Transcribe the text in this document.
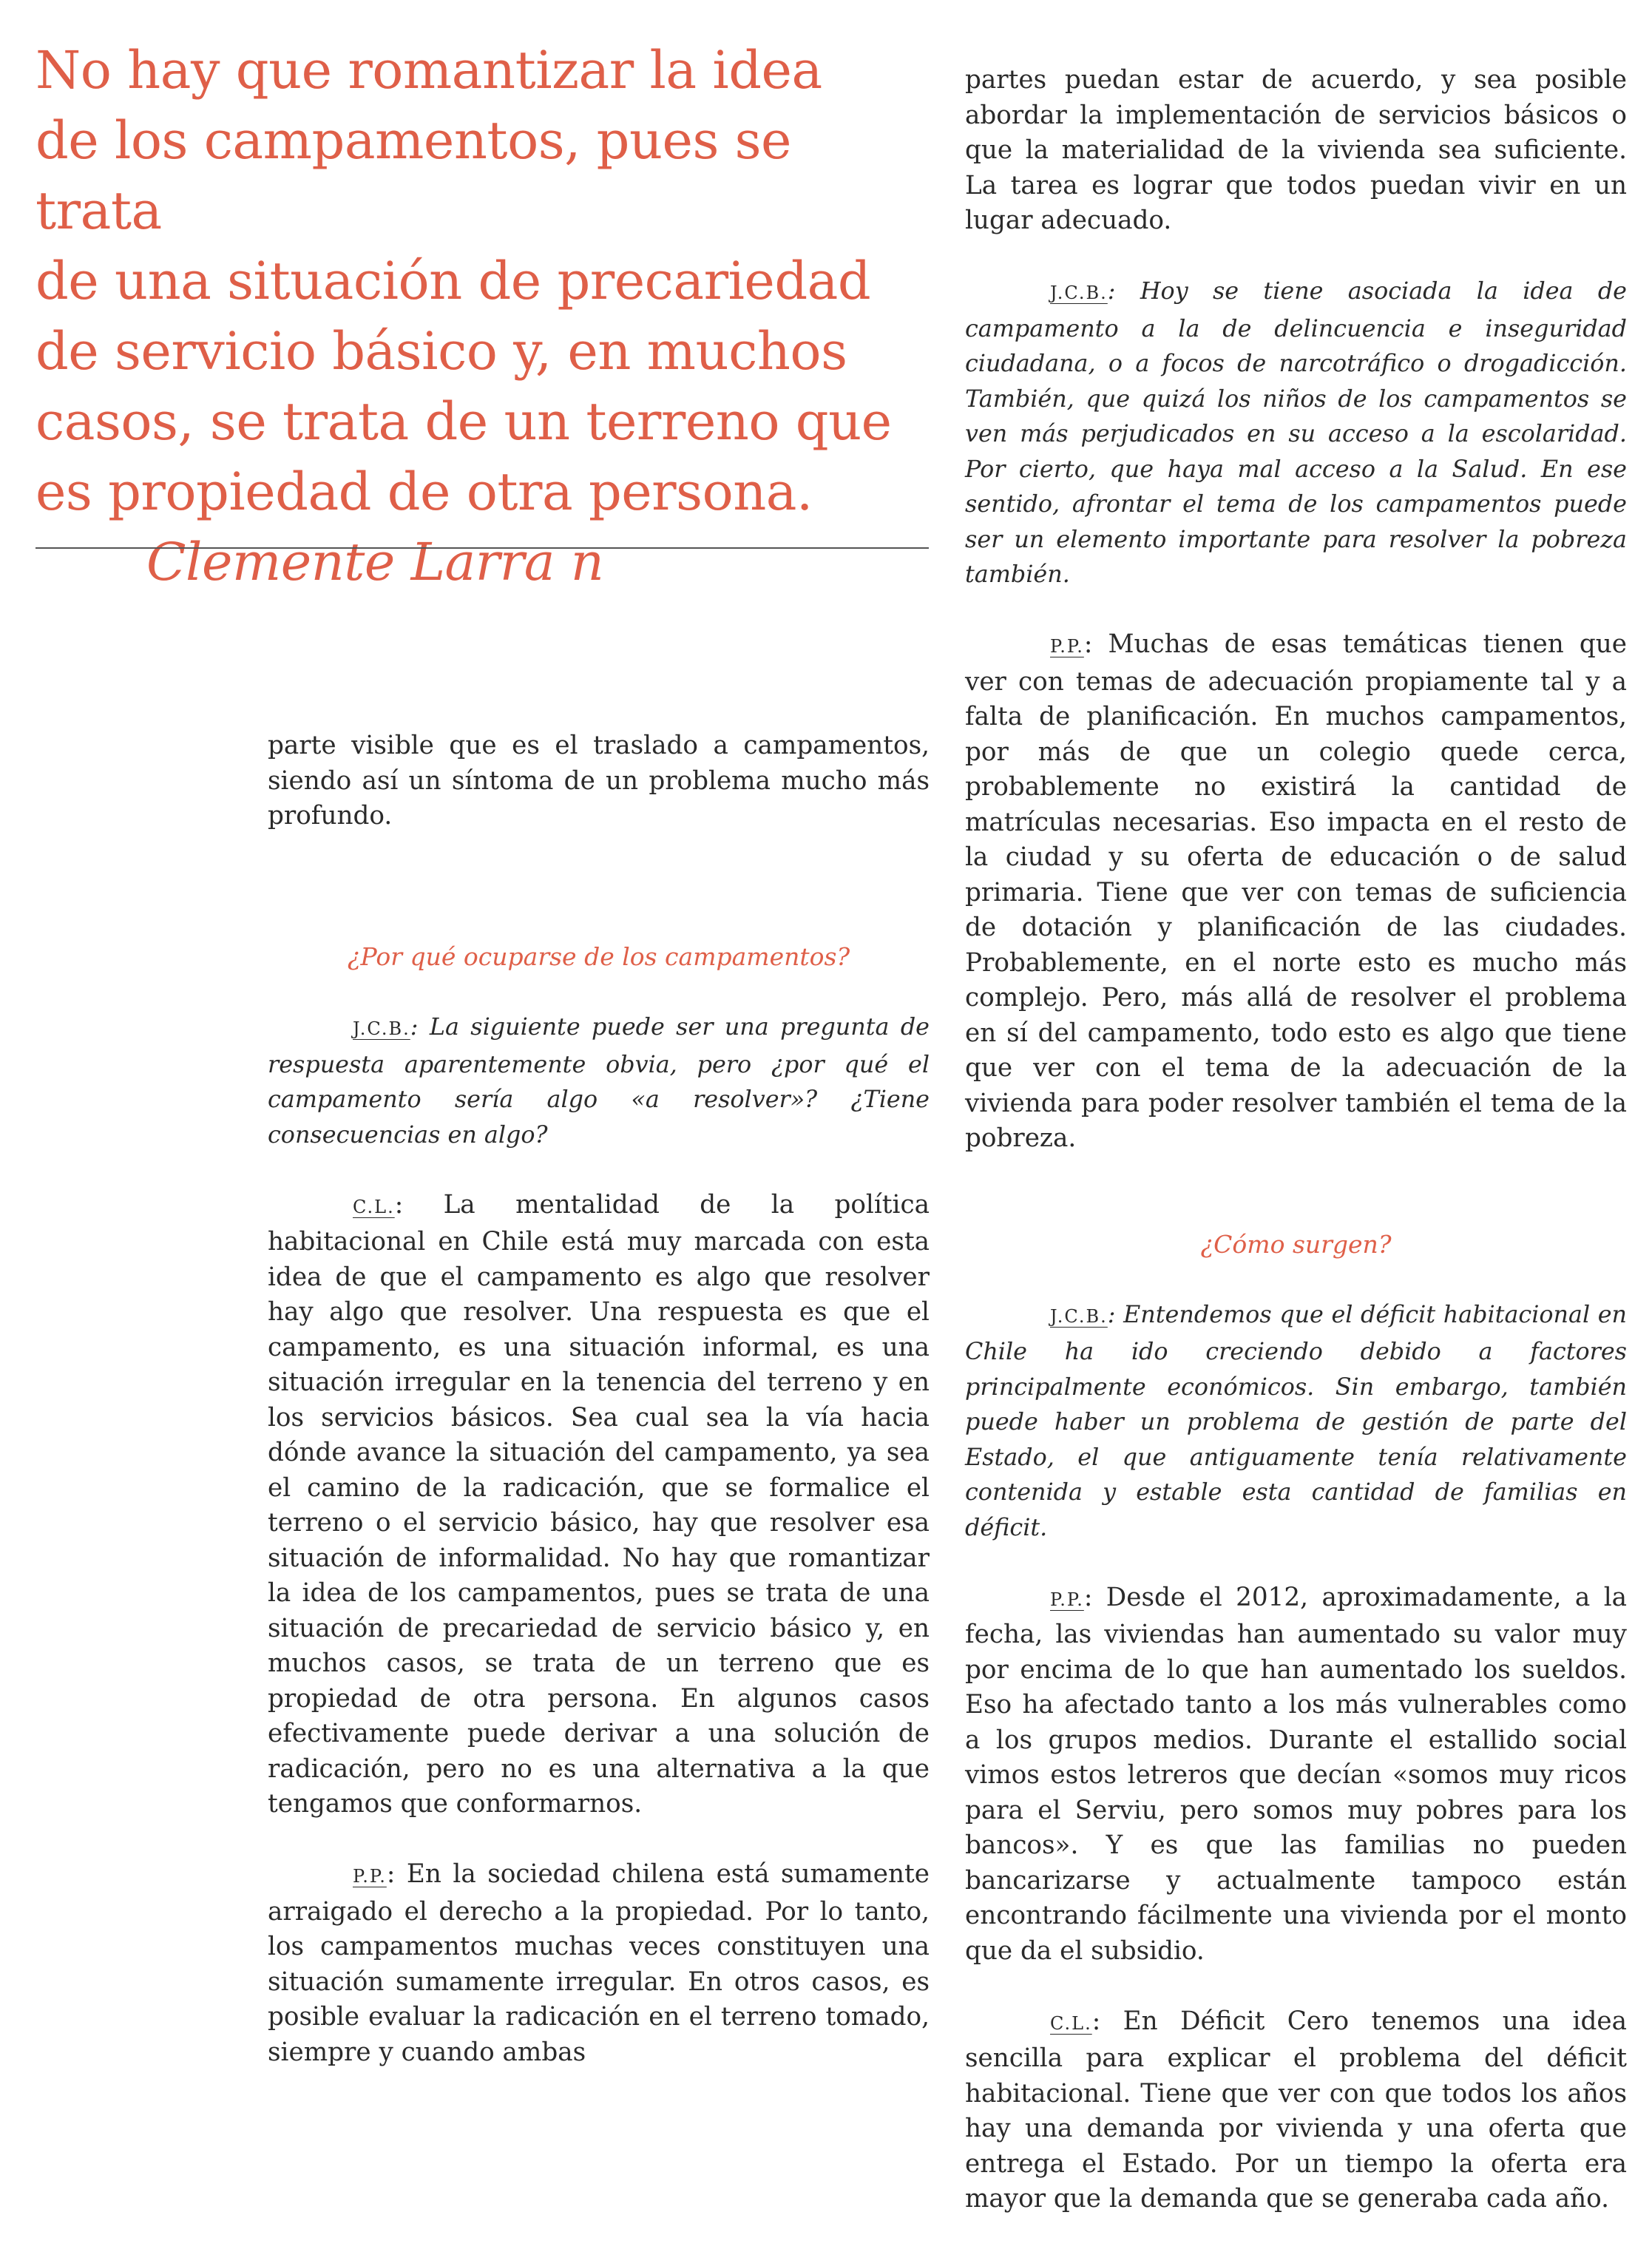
No hay que romantizar la idea
de los campamentos, pues se trata
de una situación de precariedad
de servicio básico y, en muchos
casos, se trata de un terreno que
es propiedad de otra persona.
Clemente Larra n

parte visible que es el traslado a campamentos, siendo así un síntoma de un problema mucho más profundo.

¿Por qué ocuparse de los campamentos?

J.C.B.: La siguiente puede ser una pregunta de respuesta aparentemente obvia, pero ¿por qué el campamento sería algo «a resolver»? ¿Tiene consecuencias en algo?

C.L.: La mentalidad de la política habitacional en Chile está muy marcada con esta idea de que el campamento es algo que resolver hay algo que resolver. Una respuesta es que el campamento, es una situación informal, es una situación irregular en la tenencia del terreno y en los servicios básicos. Sea cual sea la vía hacia dónde avance la situación del campamento, ya sea el camino de la radicación, que se formalice el terreno o el servicio básico, hay que resolver esa situación de informalidad. No hay que romantizar la idea de los campamentos, pues se trata de una situación de precariedad de servicio básico y, en muchos casos, se trata de un terreno que es propiedad de otra persona. En algunos casos efectivamente puede derivar a una solución de radicación, pero no es una alternativa a la que tengamos que conformarnos.

P.P.: En la sociedad chilena está sumamente arraigado el derecho a la propiedad. Por lo tanto, los campamentos muchas veces constituyen una situación sumamente irregular. En otros casos, es posible evaluar la radicación en el terreno tomado, siempre y cuando ambas

partes puedan estar de acuerdo, y sea posible abordar la implementación de servicios básicos o que la materialidad de la vivienda sea suficiente. La tarea es lograr que todos puedan vivir en un lugar adecuado.

J.C.B.: Hoy se tiene asociada la idea de campamento a la de delincuencia e inseguridad ciudadana, o a focos de narcotráfico o drogadicción. También, que quizá los niños de los campamentos se ven más perjudicados en su acceso a la escolaridad. Por cierto, que haya mal acceso a la Salud. En ese sentido, afrontar el tema de los campamentos puede ser un elemento importante para resolver la pobreza también.

P.P.: Muchas de esas temáticas tienen que ver con temas de adecuación propiamente tal y a falta de planificación. En muchos campamentos, por más de que un colegio quede cerca, probablemente no existirá la cantidad de matrículas necesarias. Eso impacta en el resto de la ciudad y su oferta de educación o de salud primaria. Tiene que ver con temas de suficiencia de dotación y planificación de las ciudades. Probablemente, en el norte esto es mucho más complejo. Pero, más allá de resolver el problema en sí del campamento, todo esto es algo que tiene que ver con el tema de la adecuación de la vivienda para poder resolver también el tema de la pobreza.

¿Cómo surgen?

J.C.B.: Entendemos que el déficit habitacional en Chile ha ido creciendo debido a factores principalmente económicos. Sin embargo, también puede haber un problema de gestión de parte del Estado, el que antiguamente tenía relativamente contenida y estable esta cantidad de familias en déficit.

P.P.: Desde el 2012, aproximadamente, a la fecha, las viviendas han aumentado su valor muy por encima de lo que han aumentado los sueldos. Eso ha afectado tanto a los más vulnerables como a los grupos medios. Durante el estallido social vimos estos letreros que decían «somos muy ricos para el Serviu, pero somos muy pobres para los bancos». Y es que las familias no pueden bancarizarse y actualmente tampoco están encontrando fácilmente una vivienda por el monto que da el subsidio.

C.L.: En Déficit Cero tenemos una idea sencilla para explicar el problema del déficit habitacional. Tiene que ver con que todos los años hay una demanda por vivienda y una oferta que entrega el Estado. Por un tiempo la oferta era mayor que la demanda que se generaba cada año.
